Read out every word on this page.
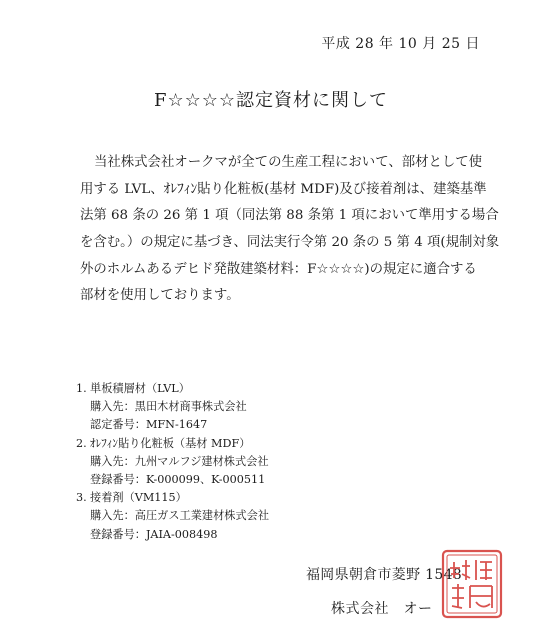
平成 28 年 10 月 25 日
F☆☆☆☆認定資材に関して
当社株式会社オークマが全ての生産工程において、部材として使
用する LVL、ｵﾚﾌｨﾝ貼り化粧板(基材 MDF)及び接着剤は、建築基準
法第 68 条の 26 第 1 項（同法第 88 条第 1 項において準用する場合
を含む。）の規定に基づき、同法実行令第 20 条の 5 第 4 項(規制対象
外のホルムあるデヒド発散建築材料：F☆☆☆☆)の規定に適合する
部材を使用しております。
1. 単板積層材（LVL）
購入先：黒田木材商事株式会社
認定番号：MFN-1647
2. ｵﾚﾌｨﾝ貼り化粧板（基材 MDF）
購入先：九州マルフジ建材株式会社
登録番号：K-000099、K-000511
3. 接着剤（VM115）
購入先：高圧ガス工業建材株式会社
登録番号：JAIA-008498
福岡県朝倉市菱野 1548
株式会社　オー
